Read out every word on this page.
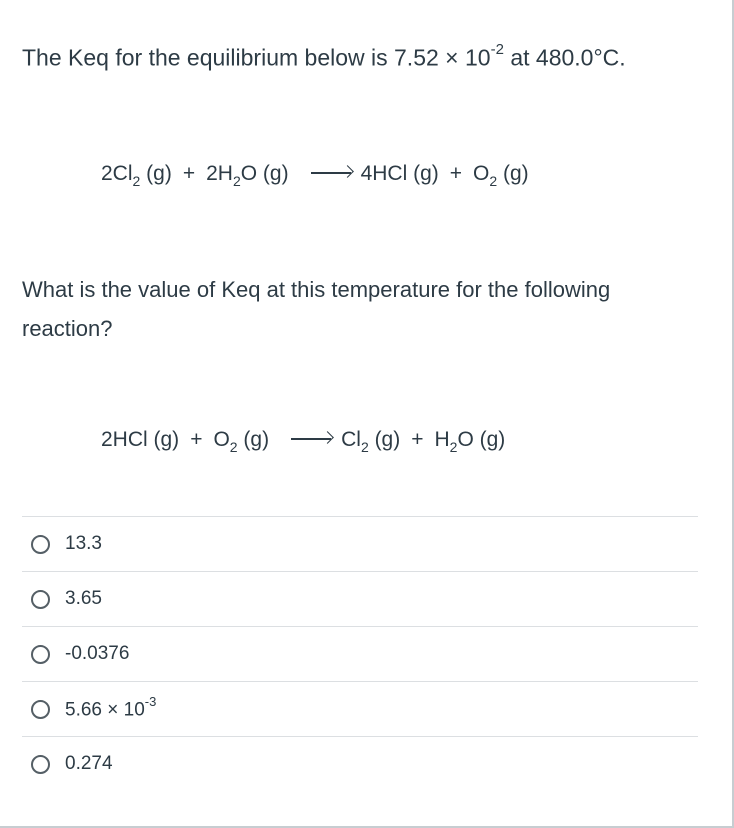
The Keq for the equilibrium below is $7.52 \times 10^{-2}$ at 480.0°C.
$2Cl_2$ $(g) + 2H_2O$ (g)	4HCl $(g) + O_2$ (g)
What is the value of Keq at this temperature for the following reaction?
2HCl $(g) + O_2$ (g)	$Cl_2$ $(g) + H_2O$ (g)
13.3
3.65
-0.0376
$5.66 \times 10^{-3}$
0.274
